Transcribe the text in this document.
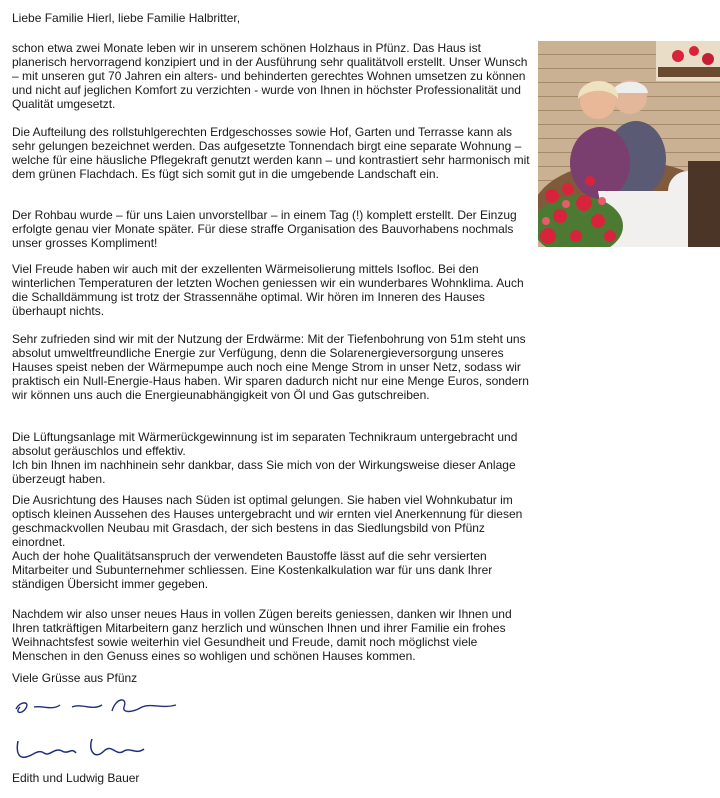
Liebe Familie Hierl, liebe Familie Halbritter,

schon etwa zwei Monate leben wir in unserem schönen Holzhaus in Pfünz. Das Haus ist planerisch hervorragend konzipiert und in der Ausführung sehr qualitätvoll erstellt. Unser Wunsch – mit unseren gut 70 Jahren ein alters- und behinderten gerechtes Wohnen umsetzen zu können und nicht auf jeglichen Komfort zu verzichten - wurde von Ihnen in höchster Professionalität und Qualität umgesetzt.

Die Aufteilung des rollstuhlgerechten Erdgeschosses sowie Hof, Garten und Terrasse kann als sehr gelungen bezeichnet werden. Das aufgesetzte Tonnendach birgt eine separate Wohnung – welche für eine häusliche Pflegekraft genutzt werden kann – und kontrastiert sehr harmonisch mit dem grünen Flachdach. Es fügt sich somit gut in die umgebende Landschaft ein.

Der Rohbau wurde – für uns Laien unvorstellbar – in einem Tag (!) komplett erstellt. Der Einzug erfolgte genau vier Monate später. Für diese straffe Organisation des Bauvorhabens nochmals unser grosses Kompliment!

Viel Freude haben wir auch mit der exzellenten Wärmeisolierung mittels Isofloc. Bei den winterlichen Temperaturen der letzten Wochen geniessen wir ein wunderbares Wohnklima. Auch die Schalldämmung ist trotz der Strassennähe optimal. Wir hören im Inneren des Hauses überhaupt nichts.

Sehr zufrieden sind wir mit der Nutzung der Erdwärme: Mit der Tiefenbohrung von 51m steht uns absolut umweltfreundliche Energie zur Verfügung, denn die Solarenergieversorgung unseres Hauses speist neben der Wärmepumpe auch noch eine Menge Strom in unser Netz, sodass wir praktisch ein Null-Energie-Haus haben. Wir sparen dadurch nicht nur eine Menge Euros, sondern wir können uns auch die Energieunabhängigkeit von Öl und Gas gutschreiben.

Die Lüftungsanlage mit Wärmerückgewinnung ist im separaten Technikraum untergebracht und absolut geräuschlos und effektiv.
Ich bin Ihnen im nachhinein sehr dankbar, dass Sie mich von der Wirkungsweise dieser Anlage überzeugt haben.

Die Ausrichtung des Hauses nach Süden ist optimal gelungen. Sie haben viel Wohnkubatur im optisch kleinen Aussehen des Hauses untergebracht und wir ernten viel Anerkennung für diesen geschmackvollen Neubau mit Grasdach, der sich bestens in das Siedlungsbild von Pfünz einordnet.
Auch der hohe Qualitätsanspruch der verwendeten Baustoffe lässt auf die sehr versierten Mitarbeiter und Subunternehmer schliessen. Eine Kostenkalkulation war für uns dank Ihrer ständigen Übersicht immer gegeben.

Nachdem wir also unser neues Haus in vollen Zügen bereits geniessen, danken wir Ihnen und Ihren tatkräftigen Mitarbeitern ganz herzlich und wünschen Ihnen und ihrer Familie ein frohes Weihnachtsfest sowie weiterhin viel Gesundheit und Freude, damit noch möglichst viele Menschen in den Genuss eines so wohligen und schönen Hauses kommen.

Viele Grüsse aus Pfünz
Edith und Ludwig Bauer
